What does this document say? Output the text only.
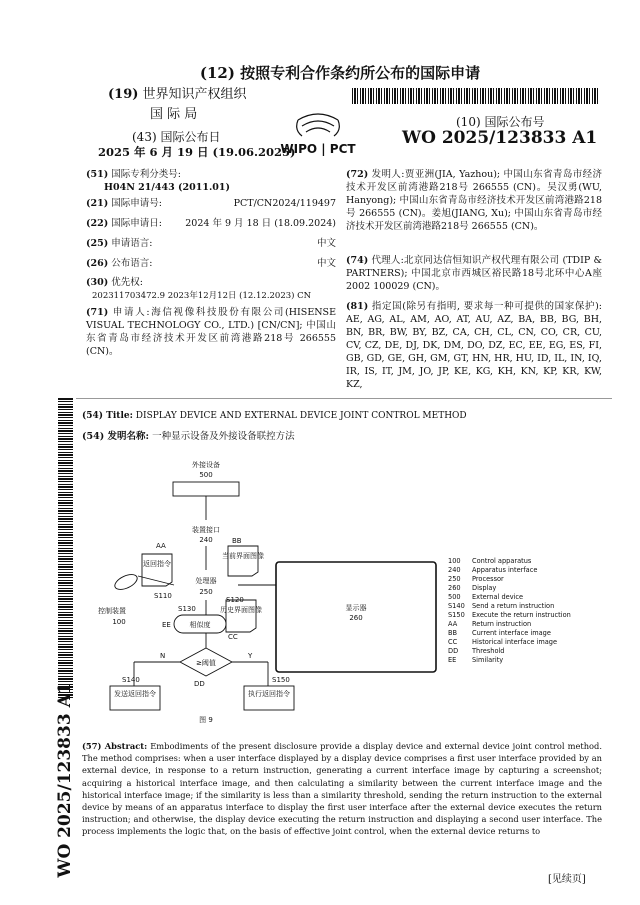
(12) 按照专利合作条约所公布的国际申请
(19) 世界知识产权组织
国 际 局
(43) 国际公布日
2025 年 6 月 19 日 (19.06.2025)
WIPO | PCT
(10) 国际公布号
WO 2025/123833 A1
(51) 国际专利分类号:
H04N 21/443 (2011.01)
(21) 国际申请号:	PCT/CN2024/119497
(22) 国际申请日: 2024 年 9 月 18 日 (18.09.2024)
(25) 申请语言:	中文
(26) 公布语言:	中文
(30) 优先权:
202311703472.9 2023年12月12日 (12.12.2023) CN
(71) 申请人:海信视像科技股份有限公司(HISENSE VISUAL TECHNOLOGY CO., LTD.) [CN/CN]; 中国山东省青岛市经济技术开发区前湾港路218号 266555 (CN)。
(72) 发明人:贾亚洲(JIA, Yazhou); 中国山东省青岛市经济技术开发区前湾港路218号 266555 (CN)。吴汉勇(WU, Hanyong); 中国山东省青岛市经济技术开发区前湾港路218号 266555 (CN)。姜旭(JIANG, Xu); 中国山东省青岛市经济技术开发区前湾港路218号 266555 (CN)。
(74) 代理人:北京同达信恒知识产权代理有限公司 (TDIP & PARTNERS); 中国北京市西城区裕民路18号北环中心A座2002 100029 (CN)。
(81) 指定国(除另有指明, 要求每一种可提供的国家保护): AE, AG, AL, AM, AO, AT, AU, AZ, BA, BB, BG, BH, BN, BR, BW, BY, BZ, CA, CH, CL, CN, CO, CR, CU, CV, CZ, DE, DJ, DK, DM, DO, DZ, EC, EE, EG, ES, FI, GB, GD, GE, GH, GM, GT, HN, HR, HU, ID, IL, IN, IQ, IR, IS, IT, JM, JO, JP, KE, KG, KH, KN, KP, KR, KW, KZ,
WO 2025/123833 A1
(54) Title: DISPLAY DEVICE AND EXTERNAL DEVICE JOINT CONTROL METHOD
(54) 发明名称: 一种显示设备及外接设备联控方法
外接设备
500
装置接口
240
处理器
250
显示器
260
相似度
≥阈值
发送返回指令	执行返回指令
控制装置
100
当前界面图像
历史界面图像
返回指令
图 9
AA
BB
CC
DD
EE
S110	S120
S130
S140	S150
N	Y
100 Control apparatus
240 Apparatus interface
250 Processor
260 Display
500 External device
S140 Send a return instruction
S150 Execute the return instruction
AA Return instruction
BB Current interface image
CC Historical interface image
DD Threshold
EE Similarity
(57) Abstract: Embodiments of the present disclosure provide a display device and external device joint control method. The method comprises: when a user interface displayed by a display device comprises a first user interface provided by an external device, in response to a return instruction, generating a current interface image by capturing a screenshot; acquiring a historical interface image, and then calculating a similarity between the current interface image and the historical interface image; if the similarity is less than a similarity threshold, sending the return instruction to the external device by means of an apparatus interface to display the first user interface after the external device executes the return instruction; and otherwise, the display device executing the return instruction and displaying a second user interface. The process implements the logic that, on the basis of effective joint control, when the external device returns to
[见续页]
